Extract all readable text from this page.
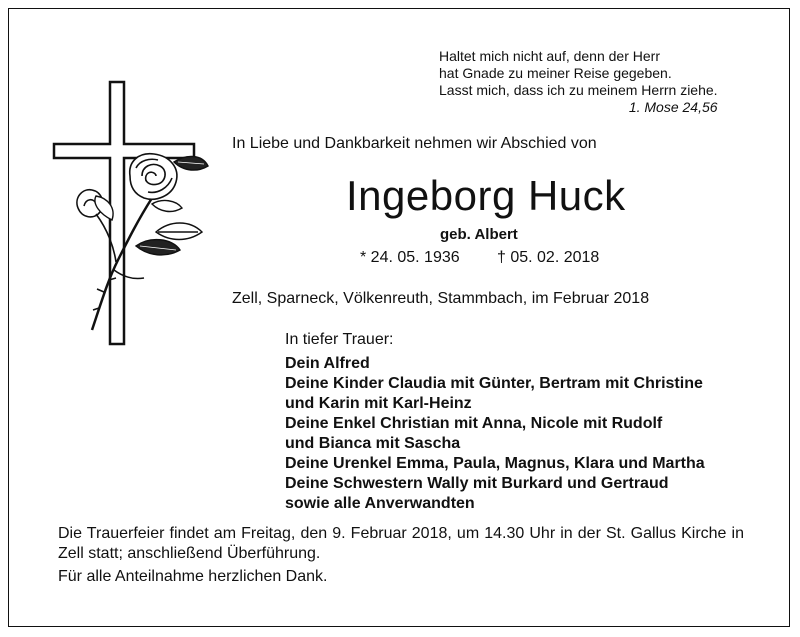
Haltet mich nicht auf, denn der Herr
hat Gnade zu meiner Reise gegeben.
Lasst mich, dass ich zu meinem Herrn ziehe.
1. Mose 24,56
In Liebe und Dankbarkeit nehmen wir Abschied von
Ingeborg Huck
geb. Albert
* 24. 05. 1936 † 05. 02. 2018
Zell, Sparneck, Völkenreuth, Stammbach, im Februar 2018
In tiefer Trauer:
Dein Alfred
Deine Kinder Claudia mit Günter, Bertram mit Christine
und Karin mit Karl-Heinz
Deine Enkel Christian mit Anna, Nicole mit Rudolf
und Bianca mit Sascha
Deine Urenkel Emma, Paula, Magnus, Klara und Martha
Deine Schwestern Wally mit Burkard und Gertraud
sowie alle Anverwandten
Die Trauerfeier findet am Freitag, den 9. Februar 2018, um 14.30 Uhr in der St. Gallus Kirche in Zell statt; anschließend Überführung.
Für alle Anteilnahme herzlichen Dank.
